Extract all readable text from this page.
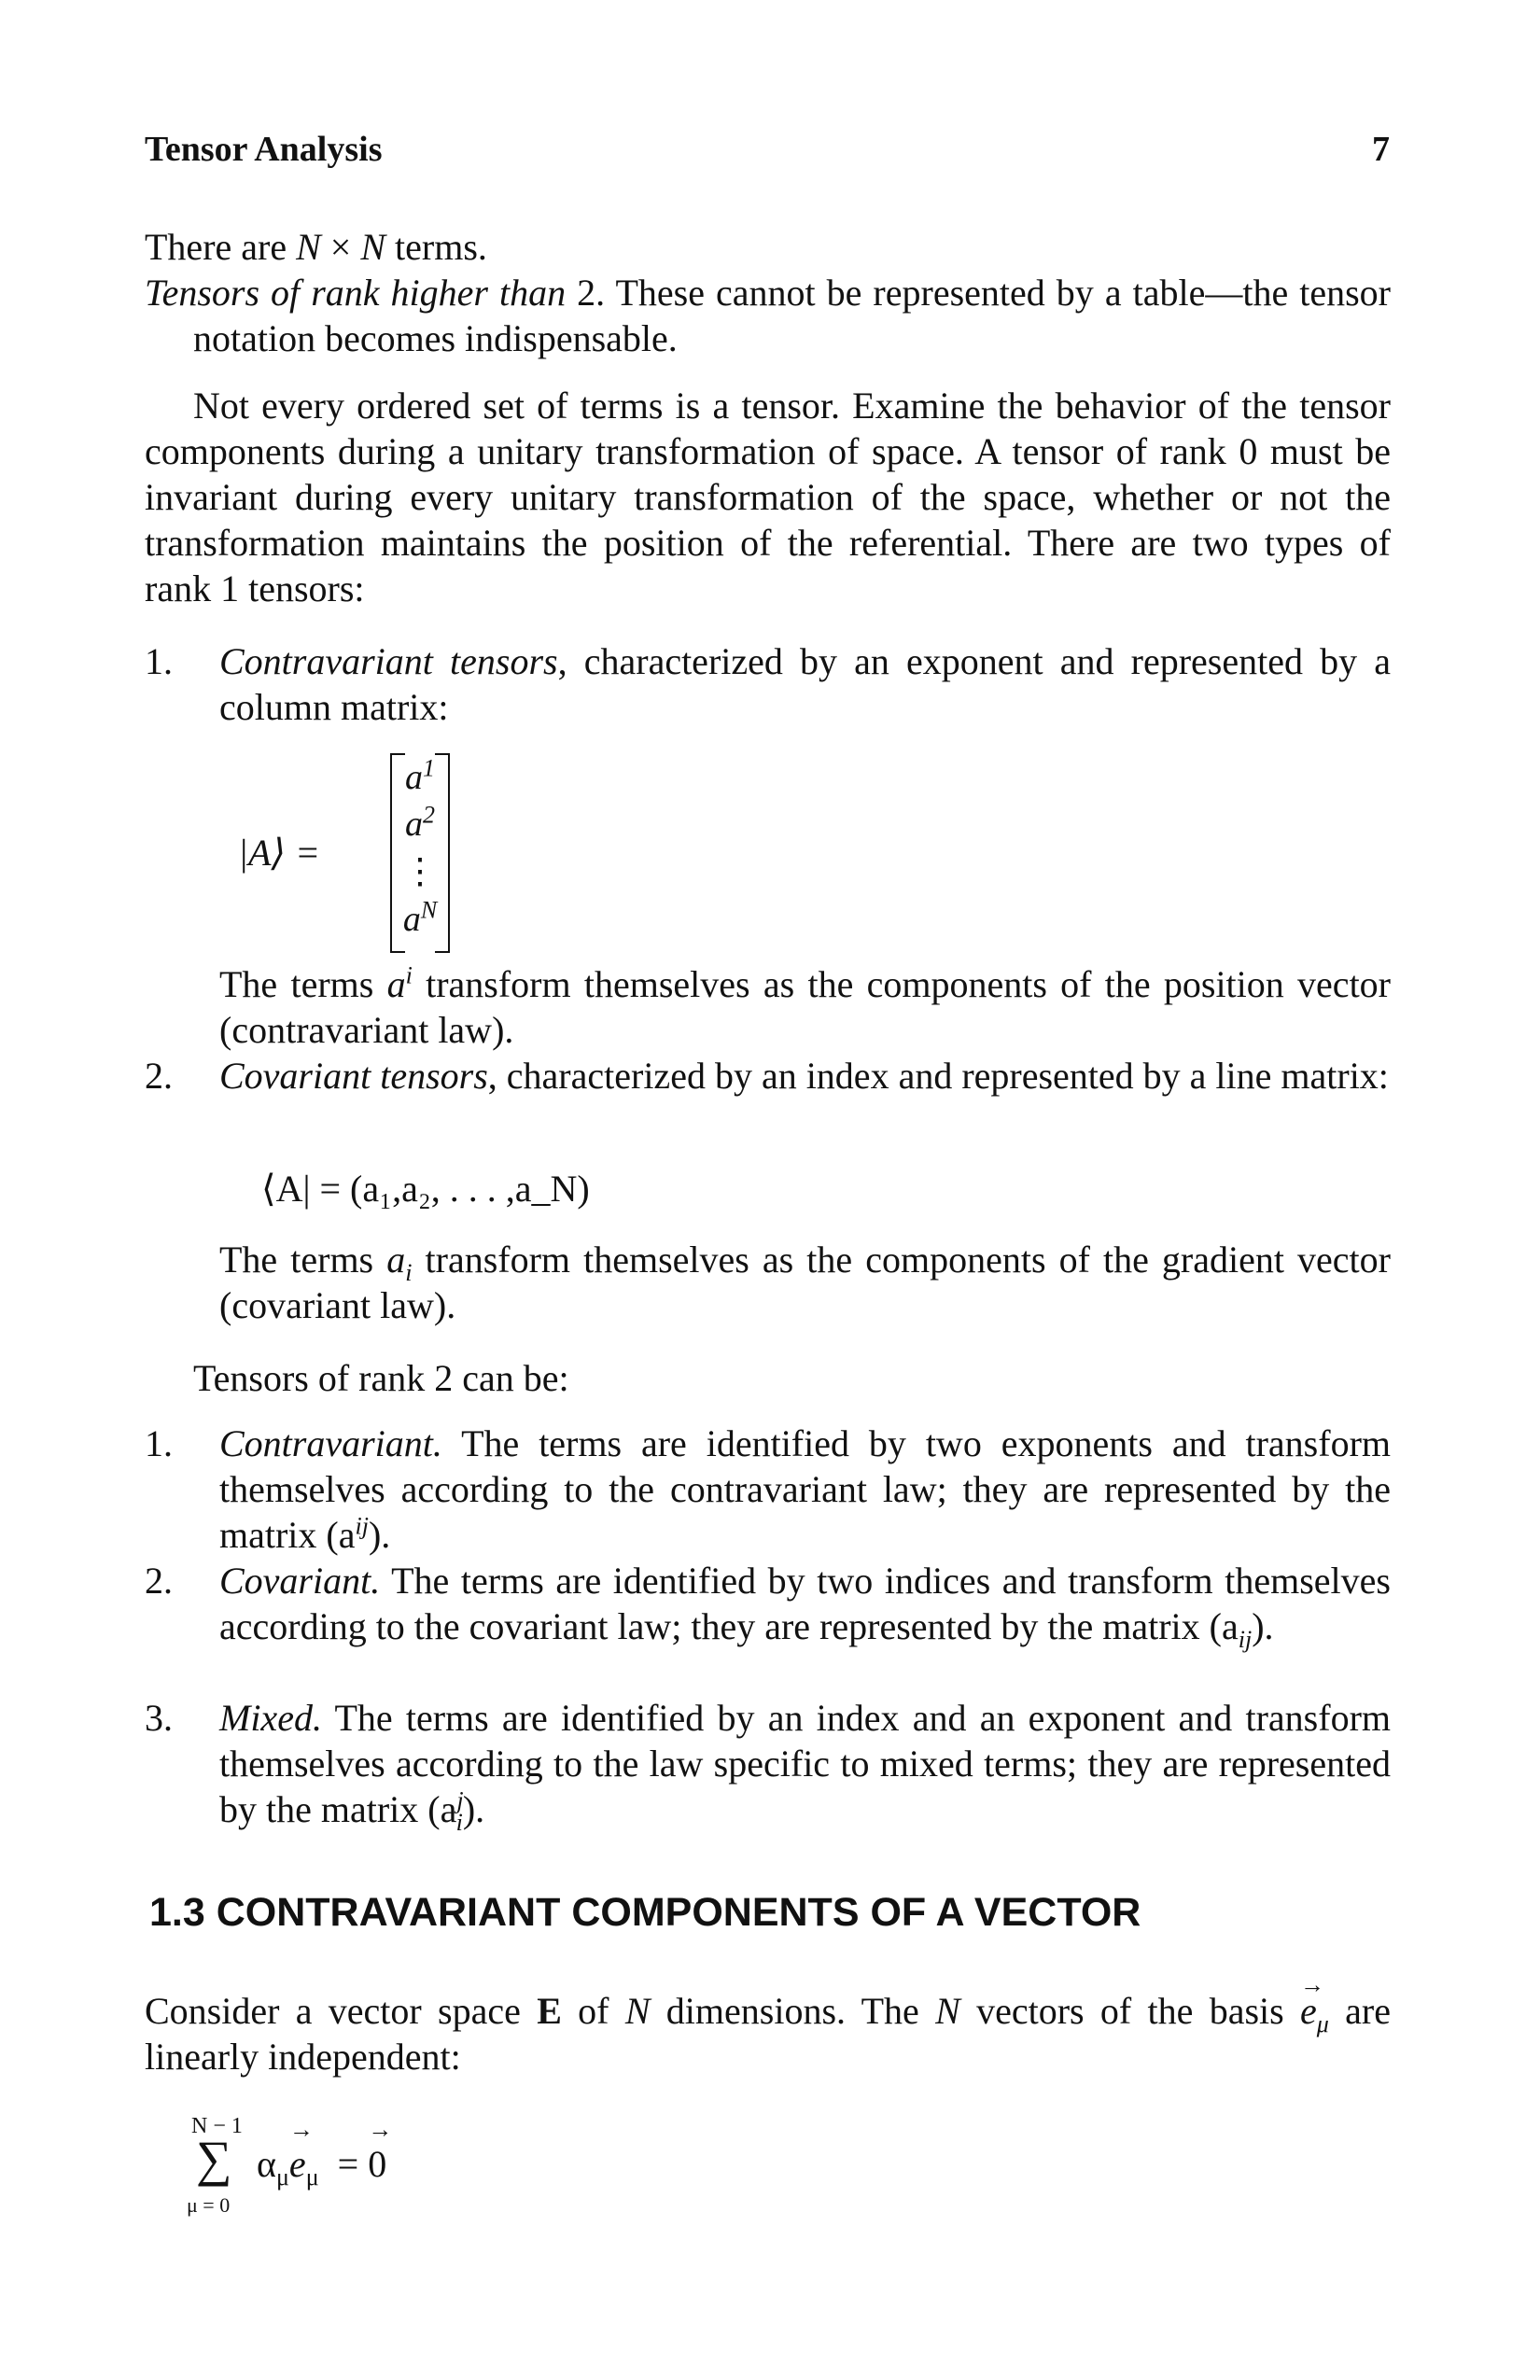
Tensor Analysis	7

There are N × N terms.

Tensors of rank higher than 2. These cannot be represented by a table—the tensor notation becomes indispensable.

Not every ordered set of terms is a tensor. Examine the behavior of the tensor components during a unitary transformation of space. A tensor of rank 0 must be invariant during every unitary transformation of the space, whether or not the transformation maintains the position of the referential. There are two types of rank 1 tensors:

1. Contravariant tensors, characterized by an exponent and represented by a column matrix:

|A⟩ =
$a^1$
$a^2$
⋮
$a^N$

The terms $a^i$ transform themselves as the components of the position vector (contravariant law).

2. Covariant tensors, characterized by an index and represented by a line matrix:

⟨A| = (a₁,a₂, . . . ,a_N)

The terms $a_i$ transform themselves as the components of the gradient vector (covariant law).

Tensors of rank 2 can be:

1. Contravariant. The terms are identified by two exponents and transform themselves according to the contravariant law; they are represented by the matrix $(a^{ij})$.

2. Covariant. The terms are identified by two indices and transform themselves according to the covariant law; they are represented by the matrix $(a_{ij})$.

3. Mixed. The terms are identified by an index and an exponent and transform themselves according to the law specific to mixed terms; they are represented by the matrix $(a^j_i)$.

1.3 CONTRAVARIANT COMPONENTS OF A VECTOR

Consider a vector space E of N dimensions. The N vectors of the basis → $e_\mu$ are linearly independent:

N − 1
∑
μ = 0
$\alpha_\mu\to e_\mu$ = → 0
